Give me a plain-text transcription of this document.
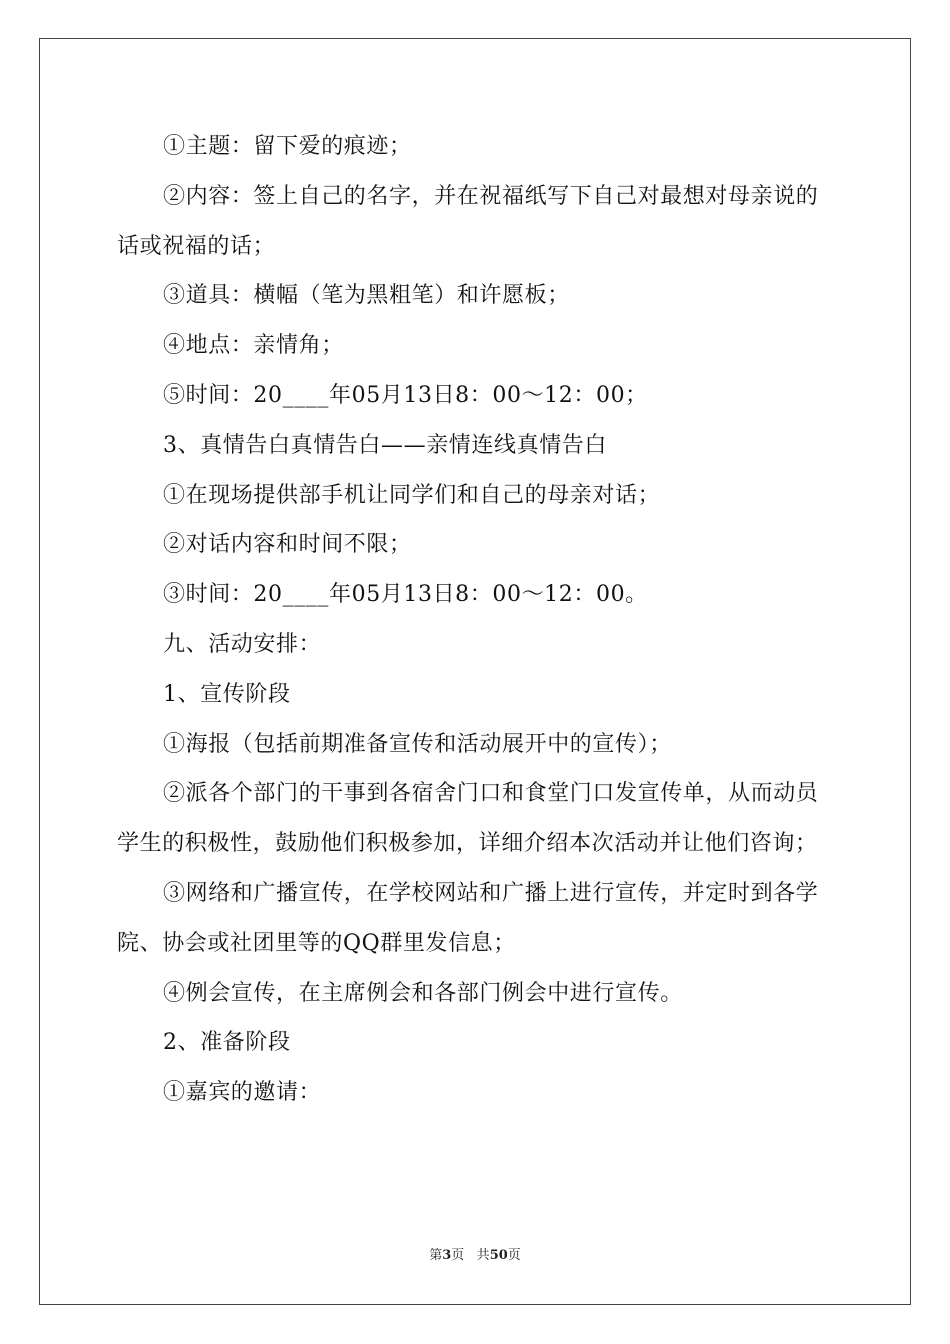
①主题：留下爱的痕迹；

②内容：签上自己的名字，并在祝福纸写下自己对最想对母亲说的话或祝福的话；

③道具：横幅（笔为黑粗笔）和许愿板；

④地点：亲情角；

⑤时间：20____年05月13日8：00～12：00；

3、真情告白真情告白——亲情连线真情告白

①在现场提供部手机让同学们和自己的母亲对话；

②对话内容和时间不限；

③时间：20____年05月13日8：00～12：00。

九、活动安排：

1、宣传阶段

①海报（包括前期准备宣传和活动展开中的宣传）；

②派各个部门的干事到各宿舍门口和食堂门口发宣传单，从而动员学生的积极性，鼓励他们积极参加，详细介绍本次活动并让他们咨询；

③网络和广播宣传，在学校网站和广播上进行宣传，并定时到各学院、协会或社团里等的QQ群里发信息；

④例会宣传，在主席例会和各部门例会中进行宣传。

2、准备阶段

①嘉宾的邀请：

第3页 共50页
